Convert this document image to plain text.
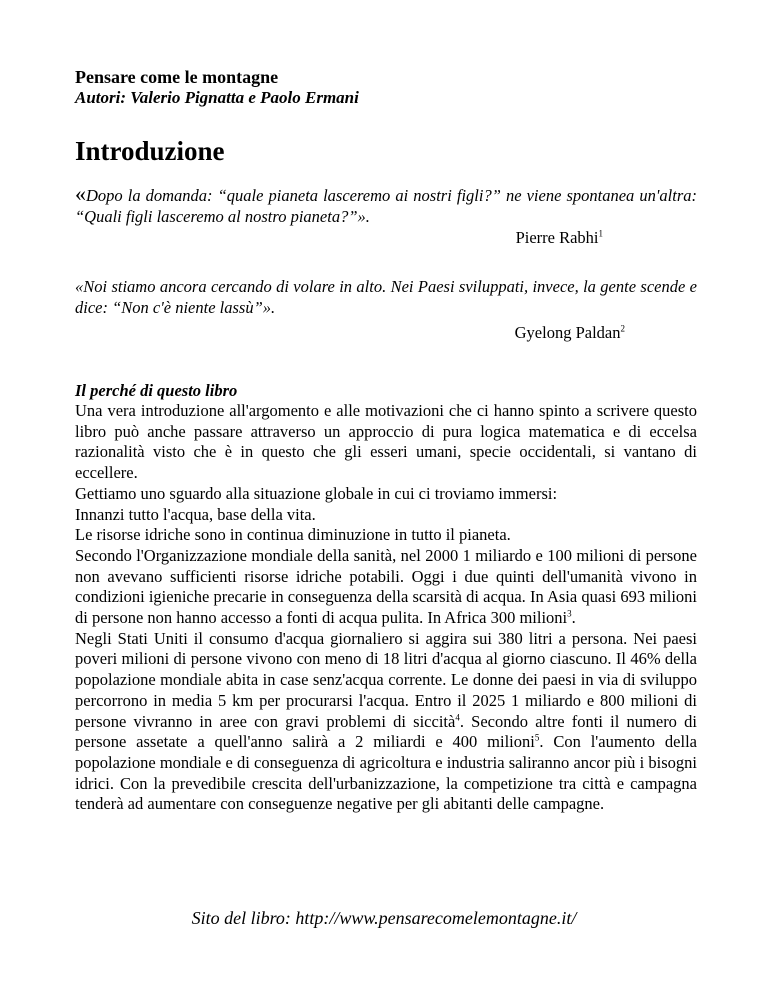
Pensare come le montagne
Autori: Valerio Pignatta e Paolo Ermani
Introduzione
«Dopo la domanda: “quale pianeta lasceremo ai nostri figli?” ne viene spontanea un'altra: “Quali figli lasceremo al nostro pianeta?”».
Pierre Rabhi$^1$
«Noi stiamo ancora cercando di volare in alto. Nei Paesi sviluppati, invece, la gente scende e dice: “Non c'è niente lassù”».
Gyelong Paldan$^2$
Il perché di questo libro

Una vera introduzione all'argomento e alle motivazioni che ci hanno spinto a scrivere questo libro può anche passare attraverso un approccio di pura logica matematica e di eccelsa razionalità visto che è in questo che gli esseri umani, specie occidentali, si vantano di eccellere.

Gettiamo uno sguardo alla situazione globale in cui ci troviamo immersi:

Innanzi tutto l'acqua, base della vita.

Le risorse idriche sono in continua diminuzione in tutto il pianeta.

Secondo l'Organizzazione mondiale della sanità, nel 2000 1 miliardo e 100 milioni di persone non avevano sufficienti risorse idriche potabili. Oggi i due quinti dell'umanità vivono in condizioni igieniche precarie in conseguenza della scarsità di acqua. In Asia quasi 693 milioni di persone non hanno accesso a fonti di acqua pulita. In Africa 300 milioni$^3$.

Negli Stati Uniti il consumo d'acqua giornaliero si aggira sui 380 litri a persona. Nei paesi poveri milioni di persone vivono con meno di 18 litri d'acqua al giorno ciascuno. Il 46% della popolazione mondiale abita in case senz'acqua corrente. Le donne dei paesi in via di sviluppo percorrono in media 5 km per procurarsi l'acqua. Entro il 2025 1 miliardo e 800 milioni di persone vivranno in aree con gravi problemi di siccità$^4$. Secondo altre fonti il numero di persone assetate a quell'anno salirà a 2 miliardi e 400 milioni$^5$. Con l'aumento della popolazione mondiale e di conseguenza di agricoltura e industria saliranno ancor più i bisogni idrici. Con la prevedibile crescita dell'urbanizzazione, la competizione tra città e campagna tenderà ad aumentare con conseguenze negative per gli abitanti delle campagne.

Sito del libro: http://www.pensarecomelemontagne.it/
